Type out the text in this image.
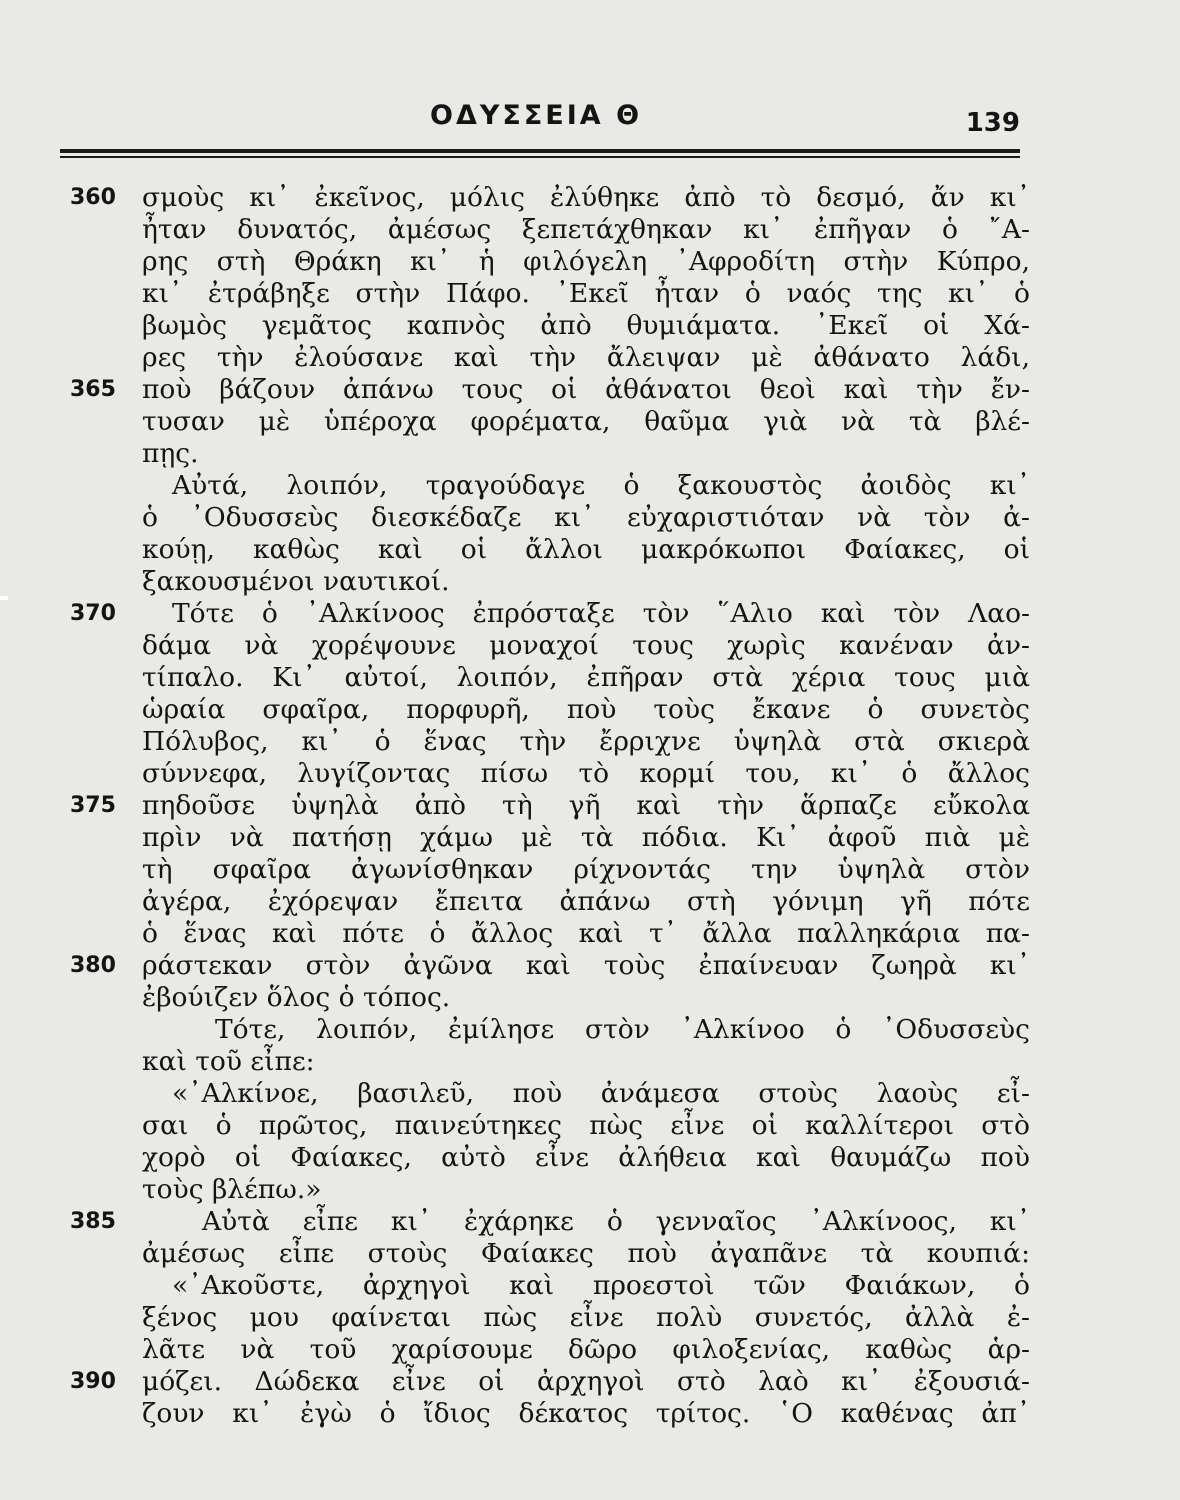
ΟΔΥΣΣΕΙΑ Θ	139
360 σμοὺς κι᾽ ἐκεῖνος, μόλις ἐλύθηκε ἀπὸ τὸ δεσμό, ἄν κι᾽
ἦταν δυνατός, ἀμέσως ξεπετάχθηκαν κι᾽ ἐπῆγαν ὁ ῎Α-
ρης στὴ Θράκη κι᾽ ἡ φιλόγελη ᾿Αφροδίτη στὴν Κύπρο,
κι᾽ ἐτράβηξε στὴν Πάφο. ᾿Εκεῖ ἦταν ὁ ναός της κι᾽ ὁ
βωμὸς γεμᾶτος καπνὸς ἀπὸ θυμιάματα. ᾿Εκεῖ οἱ Χά-
ρες τὴν ἐλούσανε καὶ τὴν ἄλειψαν μὲ ἀθάνατο λάδι,
365 ποὺ βάζουν ἀπάνω τους οἱ ἀθάνατοι θεοὶ καὶ τὴν ἔν-
τυσαν μὲ ὑπέροχα φορέματα, θαῦμα γιὰ νὰ τὰ βλέ-
πῃς.
Αὐτά, λοιπόν, τραγούδαγε ὁ ξακουστὸς ἀοιδὸς κι᾽
ὁ ᾿Οδυσσεὺς διεσκέδαζε κι᾽ εὐχαριστιόταν νὰ τὸν ἀ-
κούῃ, καθὼς καὶ οἱ ἄλλοι μακρόκωποι Φαίακες, οἱ
ξακουσμένοι ναυτικοί.
370	Τότε ὁ ᾿Αλκίνοος ἐπρόσταξε τὸν ῞Αλιο καὶ τὸν Λαο-
δάμα νὰ χορέψουνε μοναχοί τους χωρὶς κανέναν ἀν-
τίπαλο. Κι᾽ αὐτοί, λοιπόν, ἐπῆραν στὰ χέρια τους μιὰ
ὡραία σφαῖρα, πορφυρῆ, ποὺ τοὺς ἔκανε ὁ συνετὸς
Πόλυβος, κι᾽ ὁ ἕνας τὴν ἔρριχνε ὑψηλὰ στὰ σκιερὰ
σύννεφα, λυγίζοντας πίσω τὸ κορμί του, κι᾽ ὁ ἄλλος
375 πηδοῦσε ὑψηλὰ ἀπὸ τὴ γῆ καὶ τὴν ἅρπαζε εὔκολα
πρὶν νὰ πατήσῃ χάμω μὲ τὰ πόδια. Κι᾽ ἀφοῦ πιὰ μὲ
τὴ σφαῖρα ἀγωνίσθηκαν ρίχνοντάς την ὑψηλὰ στὸν
ἀγέρα, ἐχόρεψαν ἔπειτα ἀπάνω στὴ γόνιμη γῆ πότε
ὁ ἕνας καὶ πότε ὁ ἄλλος καὶ τ᾽ ἄλλα παλληκάρια πα-
380 ράστεκαν στὸν ἀγῶνα καὶ τοὺς ἐπαίνευαν ζωηρὰ κι᾽
ἐβούιζεν ὅλος ὁ τόπος.
Τότε, λοιπόν, ἐμίλησε στὸν ᾿Αλκίνοο ὁ ᾿Οδυσσεὺς
καὶ τοῦ εἶπε:
«᾿Αλκίνοε, βασιλεῦ, ποὺ ἀνάμεσα στοὺς λαοὺς εἶ-
σαι ὁ πρῶτος, παινεύτηκες πὼς εἶνε οἱ καλλίτεροι στὸ
χορὸ οἱ Φαίακες, αὐτὸ εἶνε ἀλήθεια καὶ θαυμάζω ποὺ
τοὺς βλέπω.»
385	Αὐτὰ εἶπε κι᾽ ἐχάρηκε ὁ γενναῖος ᾿Αλκίνοος, κι᾽
ἀμέσως εἶπε στοὺς Φαίακες ποὺ ἀγαπᾶνε τὰ κουπιά:
«᾿Ακοῦστε, ἀρχηγοὶ καὶ προεστοὶ τῶν Φαιάκων, ὁ
ξένος μου φαίνεται πὼς εἶνε πολὺ συνετός, ἀλλὰ ἐ-
λᾶτε νὰ τοῦ χαρίσουμε δῶρο φιλοξενίας, καθὼς ἁρ-
390 μόζει. Δώδεκα εἶνε οἱ ἀρχηγοὶ στὸ λαὸ κι᾽ ἐξουσιά-
ζουν κι᾽ ἐγὼ ὁ ἴδιος δέκατος τρίτος. ῾Ο καθένας ἀπ᾽
